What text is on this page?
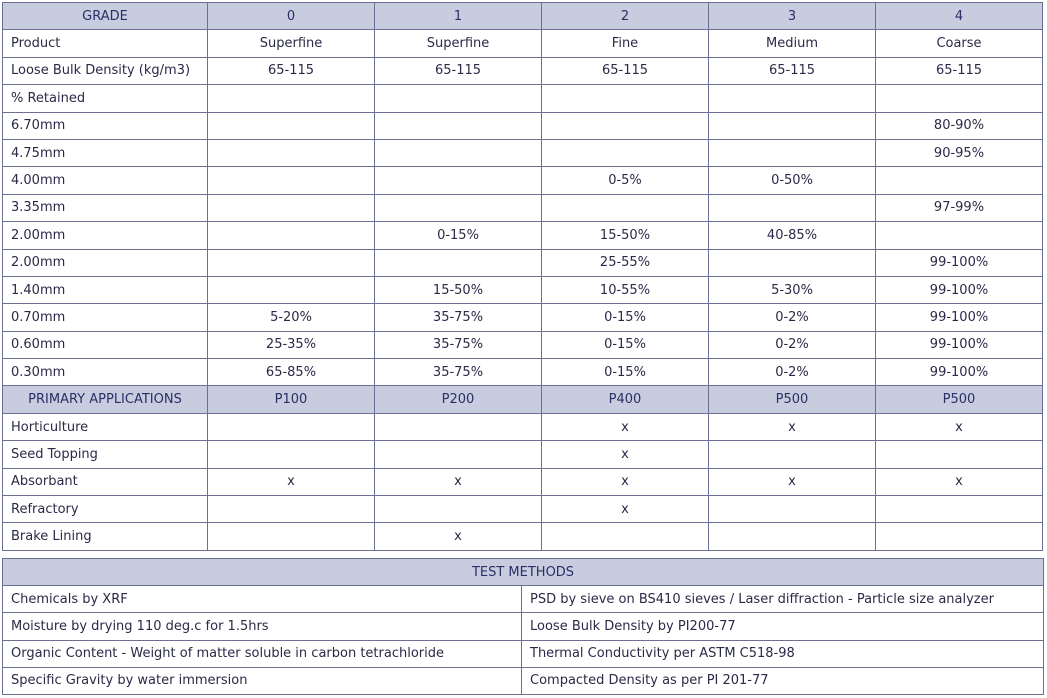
GRADE	0	1	2	3	4
Product	Superfine	Superfine	Fine	Medium	Coarse
Loose Bulk Density (kg/m3)	65-115	65-115	65-115	65-115	65-115
% Retained					
6.70mm					80-90%
4.75mm					90-95%
4.00mm			0-5%	0-50%	
3.35mm					97-99%
2.00mm		0-15%	15-50%	40-85%	
2.00mm			25-55%		99-100%
1.40mm		15-50%	10-55%	5-30%	99-100%
0.70mm	5-20%	35-75%	0-15%	0-2%	99-100%
0.60mm	25-35%	35-75%	0-15%	0-2%	99-100%
0.30mm	65-85%	35-75%	0-15%	0-2%	99-100%
PRIMARY APPLICATIONS	P100	P200	P400	P500	P500
Horticulture			x	x	x
Seed Topping			x		
Absorbant	x	x	x	x	x
Refractory			x		
Brake Lining		x			
TEST METHODS	
Chemicals by XRF	PSD by sieve on BS410 sieves / Laser diffraction - Particle size analyzer
Moisture by drying 110 deg.c for 1.5hrs	Loose Bulk Density by PI200-77
Organic Content - Weight of matter soluble in carbon tetrachloride	Thermal Conductivity per ASTM C518-98
Specific Gravity by water immersion	Compacted Density as per PI 201-77
